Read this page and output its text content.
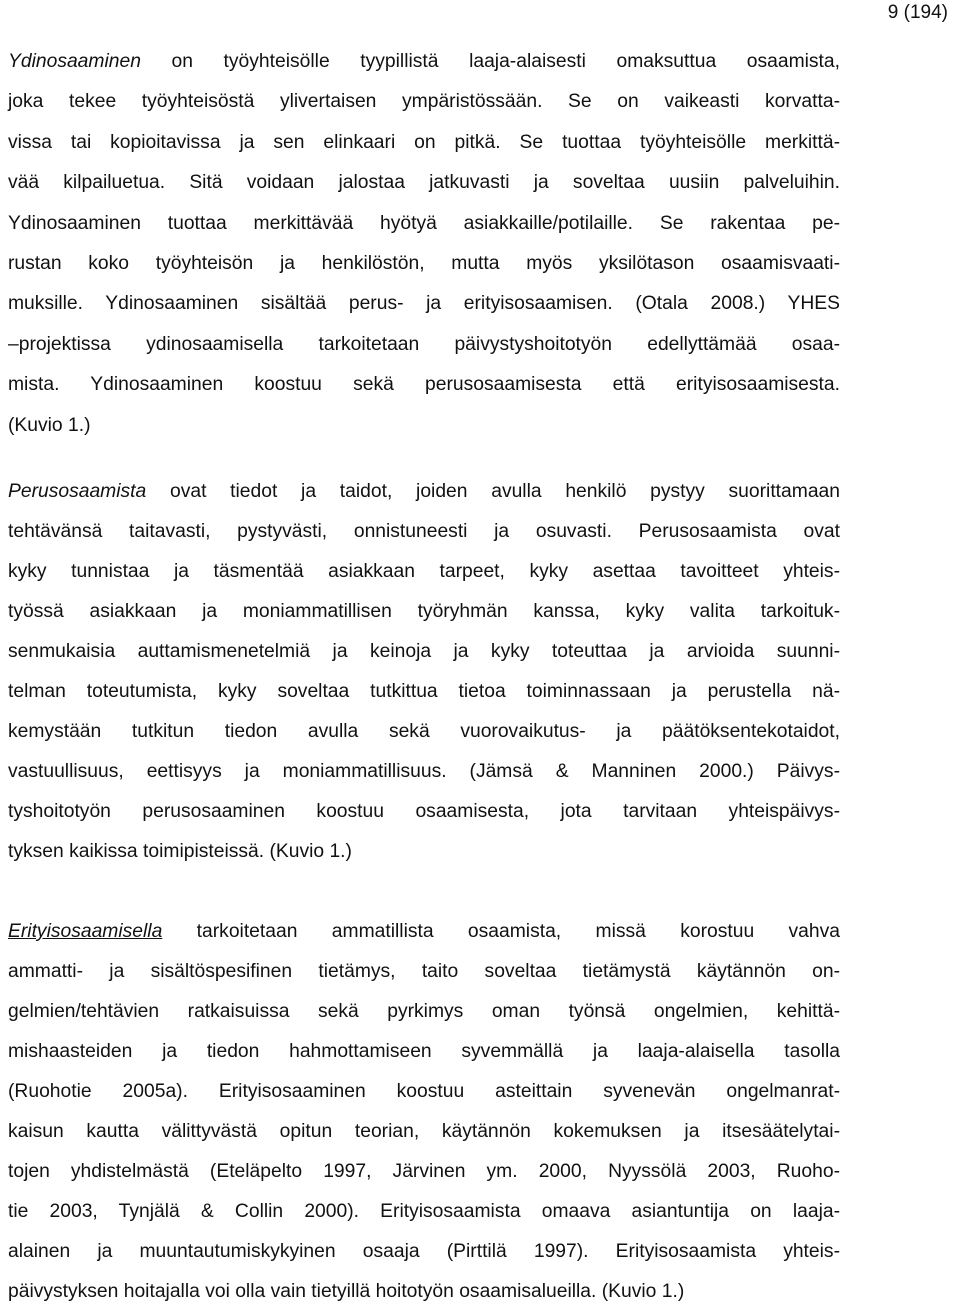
9 (194)
Ydinosaaminen on työyhteisölle tyypillistä laaja-alaisesti omaksuttua osaamista,
joka tekee työyhteisöstä ylivertaisen ympäristössään. Se on vaikeasti korvatta-
vissa tai kopioitavissa ja sen elinkaari on pitkä. Se tuottaa työyhteisölle merkittä-
vää kilpailuetua. Sitä voidaan jalostaa jatkuvasti ja soveltaa uusiin palveluihin.
Ydinosaaminen tuottaa merkittävää hyötyä asiakkaille/potilaille. Se rakentaa pe-
rustan koko työyhteisön ja henkilöstön, mutta myös yksilötason osaamisvaati-
muksille. Ydinosaaminen sisältää perus- ja erityisosaamisen. (Otala 2008.) YHES
–projektissa ydinosaamisella tarkoitetaan päivystyshoitotyön edellyttämää osaa-
mista. Ydinosaaminen koostuu sekä perusosaamisesta että erityisosaamisesta.
(Kuvio 1.)
Perusosaamista ovat tiedot ja taidot, joiden avulla henkilö pystyy suorittamaan
tehtävänsä taitavasti, pystyvästi, onnistuneesti ja osuvasti. Perusosaamista ovat
kyky tunnistaa ja täsmentää asiakkaan tarpeet, kyky asettaa tavoitteet yhteis-
työssä asiakkaan ja moniammatillisen työryhmän kanssa, kyky valita tarkoituk-
senmukaisia auttamismenetelmiä ja keinoja ja kyky toteuttaa ja arvioida suunni-
telman toteutumista, kyky soveltaa tutkittua tietoa toiminnassaan ja perustella nä-
kemystään tutkitun tiedon avulla sekä vuorovaikutus- ja päätöksentekotaidot,
vastuullisuus, eettisyys ja moniammatillisuus. (Jämsä & Manninen 2000.) Päivys-
tyshoitotyön perusosaaminen koostuu osaamisesta, jota tarvitaan yhteispäivys-
tyksen kaikissa toimipisteissä. (Kuvio 1.)
Erityisosaamisella tarkoitetaan ammatillista osaamista, missä korostuu vahva
ammatti- ja sisältöspesifinen tietämys, taito soveltaa tietämystä käytännön on-
gelmien/tehtävien ratkaisuissa sekä pyrkimys oman työnsä ongelmien, kehittä-
mishaasteiden ja tiedon hahmottamiseen syvemmällä ja laaja-alaisella tasolla
(Ruohotie 2005a). Erityisosaaminen koostuu asteittain syvenevän ongelmanrat-
kaisun kautta välittyvästä opitun teorian, käytännön kokemuksen ja itsesäätelytai-
tojen yhdistelmästä (Eteläpelto 1997, Järvinen ym. 2000, Nyyssölä 2003, Ruoho-
tie 2003, Tynjälä & Collin 2000). Erityisosaamista omaava asiantuntija on laaja-
alainen ja muuntautumiskykyinen osaaja (Pirttilä 1997). Erityisosaamista yhteis-
päivystyksen hoitajalla voi olla vain tietyillä hoitotyön osaamisalueilla. (Kuvio 1.)
